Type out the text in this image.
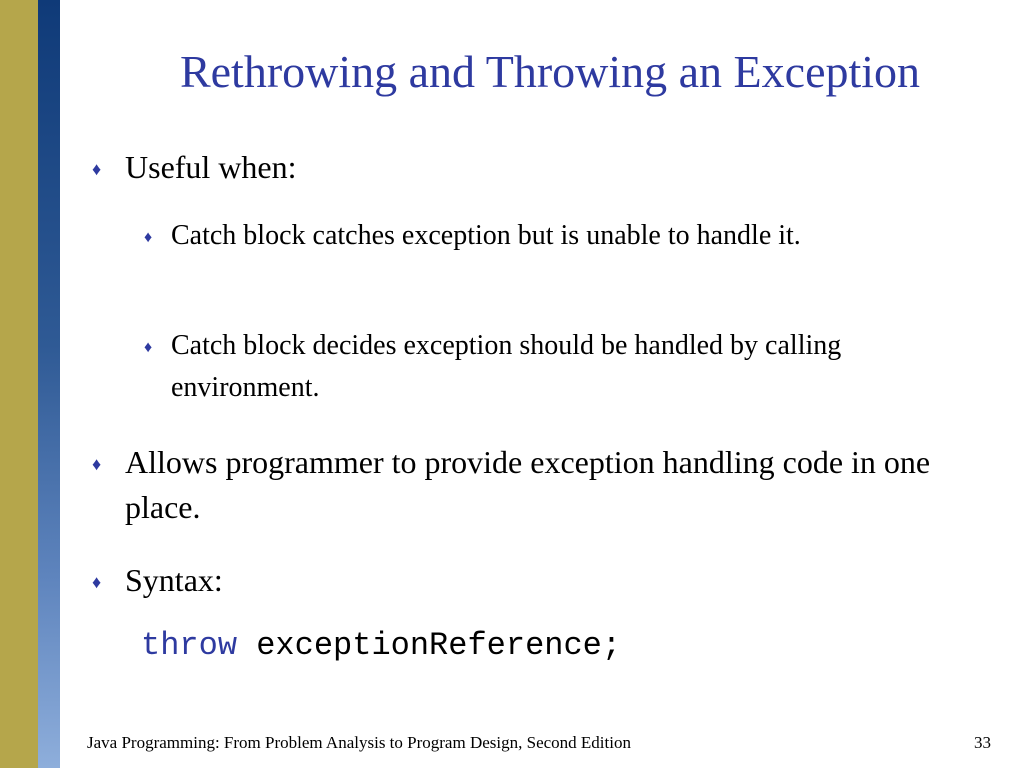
Rethrowing and Throwing an Exception
♦ Useful when:

♦ Catch block catches exception but is unable to handle it.

♦ Catch block decides exception should be handled by calling environment.

♦ Allows programmer to provide exception handling code in one place.

♦ Syntax:

throw exceptionReference;
Java Programming: From Problem Analysis to Program Design, Second Edition	33
